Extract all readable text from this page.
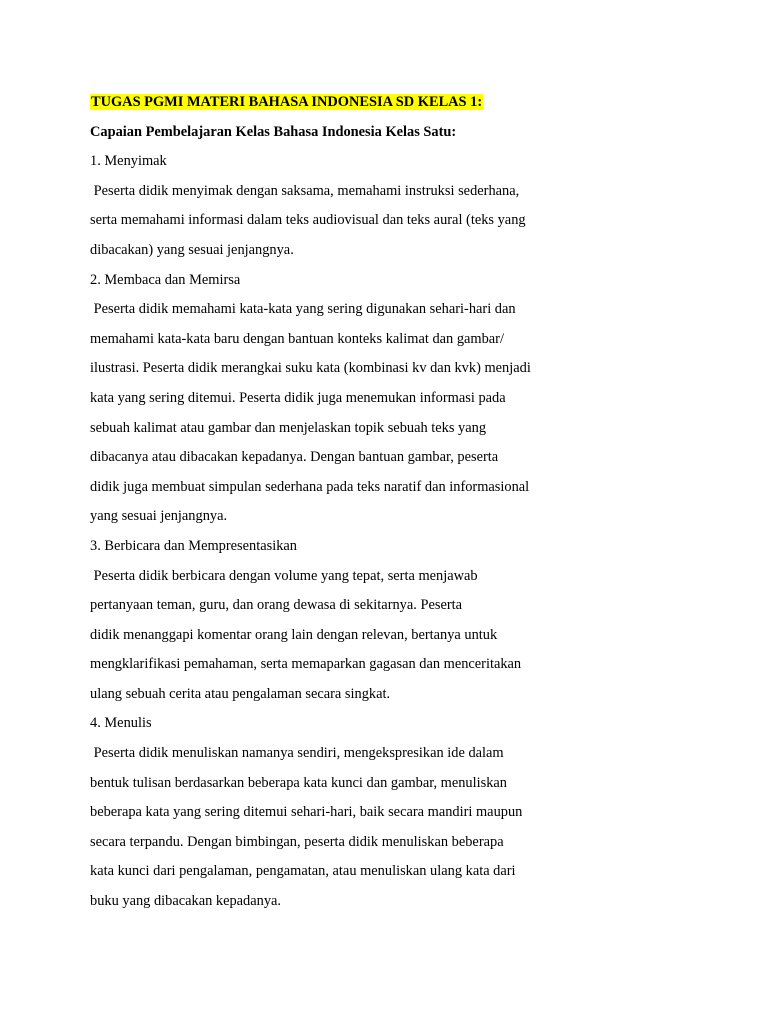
TUGAS PGMI MATERI BAHASA INDONESIA SD KELAS 1:
Capaian Pembelajaran Kelas Bahasa Indonesia Kelas Satu:
1. Menyimak
Peserta didik menyimak dengan saksama, memahami instruksi sederhana,
serta memahami informasi dalam teks audiovisual dan teks aural (teks yang
dibacakan) yang sesuai jenjangnya.
2. Membaca dan Memirsa
Peserta didik memahami kata-kata yang sering digunakan sehari-hari dan
memahami kata-kata baru dengan bantuan konteks kalimat dan gambar/
ilustrasi. Peserta didik merangkai suku kata (kombinasi kv dan kvk) menjadi
kata yang sering ditemui. Peserta didik juga menemukan informasi pada
sebuah kalimat atau gambar dan menjelaskan topik sebuah teks yang
dibacanya atau dibacakan kepadanya. Dengan bantuan gambar, peserta
didik juga membuat simpulan sederhana pada teks naratif dan informasional
yang sesuai jenjangnya.
3. Berbicara dan Mempresentasikan
Peserta didik berbicara dengan volume yang tepat, serta menjawab
pertanyaan teman, guru, dan orang dewasa di sekitarnya. Peserta
didik menanggapi komentar orang lain dengan relevan, bertanya untuk
mengklarifikasi pemahaman, serta memaparkan gagasan dan menceritakan
ulang sebuah cerita atau pengalaman secara singkat.
4. Menulis
Peserta didik menuliskan namanya sendiri, mengekspresikan ide dalam
bentuk tulisan berdasarkan beberapa kata kunci dan gambar, menuliskan
beberapa kata yang sering ditemui sehari-hari, baik secara mandiri maupun
secara terpandu. Dengan bimbingan, peserta didik menuliskan beberapa
kata kunci dari pengalaman, pengamatan, atau menuliskan ulang kata dari
buku yang dibacakan kepadanya.
